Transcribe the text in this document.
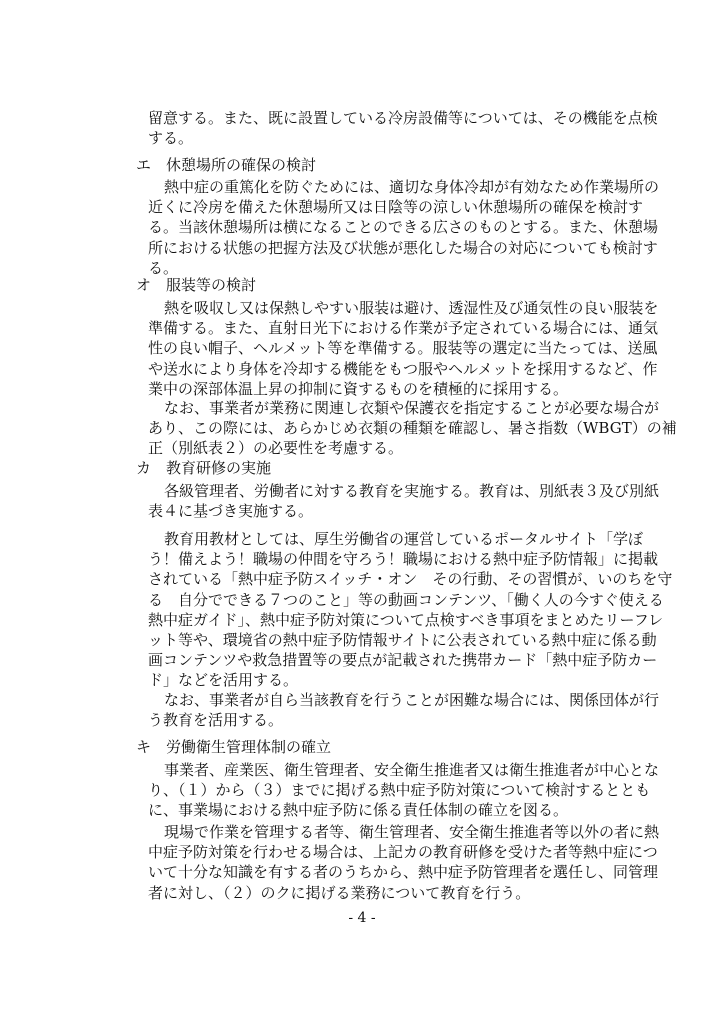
留意する。また、既に設置している冷房設備等については、その機能を点検
する。
エ　休憩場所の確保の検討
熱中症の重篤化を防ぐためには、適切な身体冷却が有効なため作業場所の
近くに冷房を備えた休憩場所又は日陰等の涼しい休憩場所の確保を検討す
る。当該休憩場所は横になることのできる広さのものとする。また、休憩場
所における状態の把握方法及び状態が悪化した場合の対応についても検討す
る。
オ　服装等の検討
熱を吸収し又は保熱しやすい服装は避け、透湿性及び通気性の良い服装を
準備する。また、直射日光下における作業が予定されている場合には、通気
性の良い帽子、ヘルメット等を準備する。服装等の選定に当たっては、送風
や送水により身体を冷却する機能をもつ服やヘルメットを採用するなど、作
業中の深部体温上昇の抑制に資するものを積極的に採用する。
なお、事業者が業務に関連し衣類や保護衣を指定することが必要な場合が
あり、この際には、あらかじめ衣類の種類を確認し、暑さ指数（WBGT）の補
正（別紙表２）の必要性を考慮する。
カ　教育研修の実施
各級管理者、労働者に対する教育を実施する。教育は、別紙表３及び別紙
表４に基づき実施する。
教育用教材としては、厚生労働省の運営しているポータルサイト「学ぼ
う！備えよう！職場の仲間を守ろう！職場における熱中症予防情報」に掲載
されている「熱中症予防スイッチ・オン　その行動、その習慣が、いのちを守
る　自分でできる７つのこと」等の動画コンテンツ、「働く人の今すぐ使える
熱中症ガイド」、熱中症予防対策について点検すべき事項をまとめたリーフレ
ット等や、環境省の熱中症予防情報サイトに公表されている熱中症に係る動
画コンテンツや救急措置等の要点が記載された携帯カード「熱中症予防カー
ド」などを活用する。
なお、事業者が自ら当該教育を行うことが困難な場合には、関係団体が行
う教育を活用する。
キ　労働衛生管理体制の確立
事業者、産業医、衛生管理者、安全衛生推進者又は衛生推進者が中心とな
り、（１）から（３）までに掲げる熱中症予防対策について検討するととも
に、事業場における熱中症予防に係る責任体制の確立を図る。
現場で作業を管理する者等、衛生管理者、安全衛生推進者等以外の者に熱
中症予防対策を行わせる場合は、上記カの教育研修を受けた者等熱中症につ
いて十分な知識を有する者のうちから、熱中症予防管理者を選任し、同管理
者に対し、（２）のクに掲げる業務について教育を行う。
- 4 -
